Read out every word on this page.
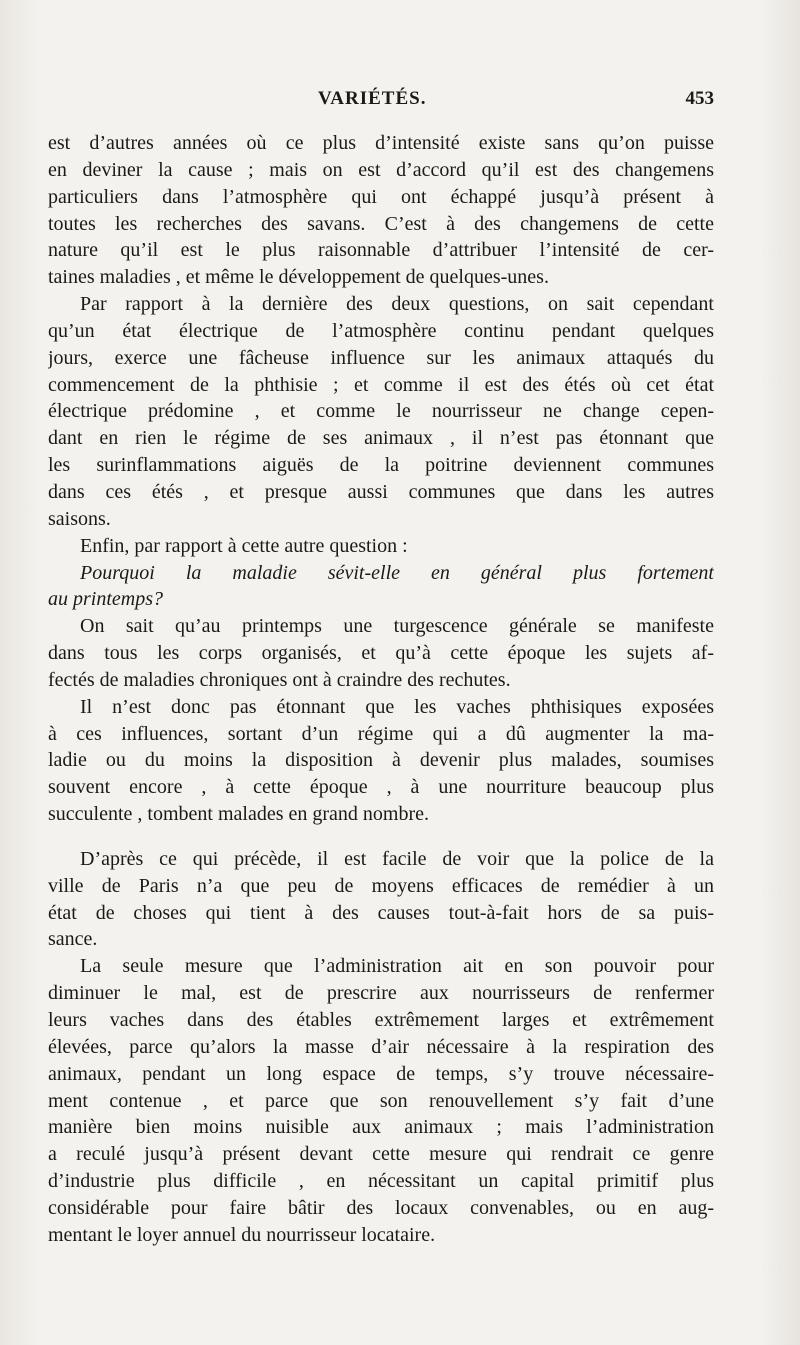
VARIÉTÉS.	453
est d’autres années où ce plus d’intensité existe sans qu’on puisse
en deviner la cause ; mais on est d’accord qu’il est des changemens
particuliers dans l’atmosphère qui ont échappé jusqu’à présent à
toutes les recherches des savans. C’est à des changemens de cette
nature qu’il est le plus raisonnable d’attribuer l’intensité de cer-
taines maladies , et même le développement de quelques-unes.
Par rapport à la dernière des deux questions, on sait cependant
qu’un état électrique de l’atmosphère continu pendant quelques
jours, exerce une fâcheuse influence sur les animaux attaqués du
commencement de la phthisie ; et comme il est des étés où cet état
électrique prédomine , et comme le nourrisseur ne change cepen-
dant en rien le régime de ses animaux , il n’est pas étonnant que
les surinflammations aiguës de la poitrine deviennent communes
dans ces étés , et presque aussi communes que dans les autres
saisons.
Enfin, par rapport à cette autre question :
Pourquoi la maladie sévit-elle en général plus fortement
au printemps?
On sait qu’au printemps une turgescence générale se manifeste
dans tous les corps organisés, et qu’à cette époque les sujets af-
fectés de maladies chroniques ont à craindre des rechutes.
Il n’est donc pas étonnant que les vaches phthisiques exposées
à ces influences, sortant d’un régime qui a dû augmenter la ma-
ladie ou du moins la disposition à devenir plus malades, soumises
souvent encore , à cette époque , à une nourriture beaucoup plus
succulente , tombent malades en grand nombre.
D’après ce qui précède, il est facile de voir que la police de la
ville de Paris n’a que peu de moyens efficaces de remédier à un
état de choses qui tient à des causes tout-à-fait hors de sa puis-
sance.
La seule mesure que l’administration ait en son pouvoir pour
diminuer le mal, est de prescrire aux nourrisseurs de renfermer
leurs vaches dans des étables extrêmement larges et extrêmement
élevées, parce qu’alors la masse d’air nécessaire à la respiration des
animaux, pendant un long espace de temps, s’y trouve nécessaire-
ment contenue , et parce que son renouvellement s’y fait d’une
manière bien moins nuisible aux animaux ; mais l’administration
a reculé jusqu’à présent devant cette mesure qui rendrait ce genre
d’industrie plus difficile , en nécessitant un capital primitif plus
considérable pour faire bâtir des locaux convenables, ou en aug-
mentant le loyer annuel du nourrisseur locataire.
